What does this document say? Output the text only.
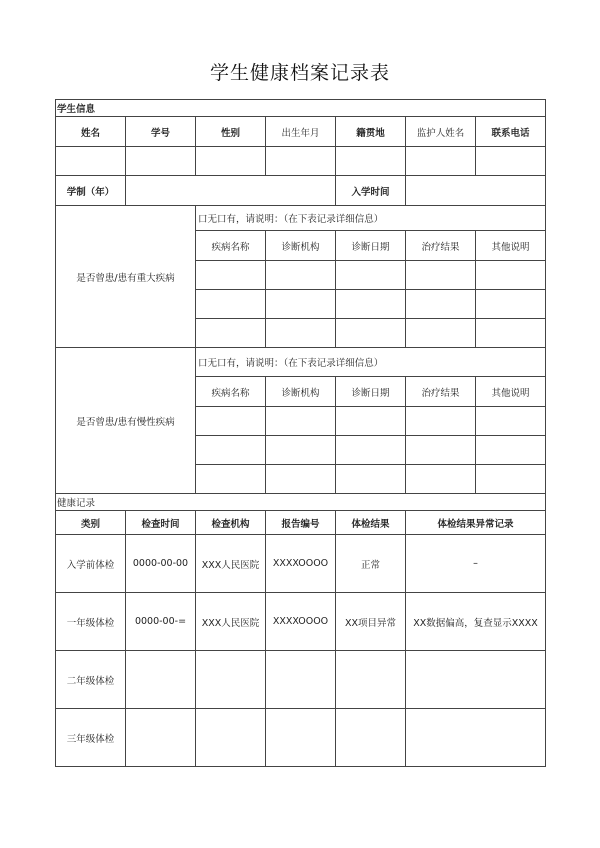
学生健康档案记录表
学生信息						
姓名	学号	性别	出生年月	籍贯地	监护人姓名	联系电话

学制（年）				入学时间		
是否曾患/患有重大疾病		口无口有，请说明：（在下表记录详细信息）				
		疾病名称	诊断机构	诊断日期	治疗结果	其他说明

是否曾患/患有慢性疾病		口无口有，请说明：（在下表记录详细信息）				
		疾病名称	诊断机构	诊断日期	治疗结果	其他说明

健康记录						
类别	检查时间	检查机构	报告编号	体检结果	体检结果异常记录	
入学前体检	0000-00-00	XXX人民医院	XXXXOOOO	正常	–	
一年级体检	0000-00-=	XXX人民医院	XXXXOOOO	XX项目异常	XX数据偏高，复查显示XXXX	
二年级体检						
三年级体检						
